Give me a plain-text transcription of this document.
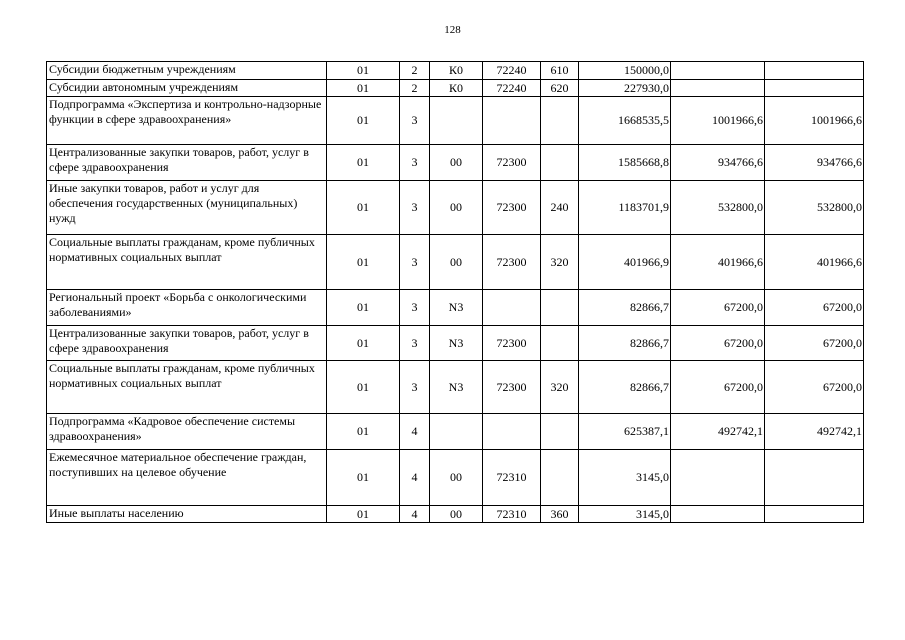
128
Субсидии бюджетным учреждениям	01	2	К0	72240	610	150000,0		
Субсидии автономным учреждениям	01	2	К0	72240	620	227930,0		
Подпрограмма «Экспертиза и контрольно-надзорные функции в сфере здравоохранения»	01	3				1668535,5	1001966,6	1001966,6
Централизованные закупки товаров, работ, услуг в сфере здравоохранения	01	3	00	72300		1585668,8	934766,6	934766,6
Иные закупки товаров, работ и услуг для обеспечения государственных (муниципальных) нужд	01	3	00	72300	240	1183701,9	532800,0	532800,0
Социальные выплаты гражданам, кроме публичных нормативных социальных выплат	01	3	00	72300	320	401966,9	401966,6	401966,6
Региональный проект «Борьба с онкологическими заболеваниями»	01	3	N3			82866,7	67200,0	67200,0
Централизованные закупки товаров, работ, услуг в сфере здравоохранения	01	3	N3	72300		82866,7	67200,0	67200,0
Социальные выплаты гражданам, кроме публичных нормативных социальных выплат	01	3	N3	72300	320	82866,7	67200,0	67200,0
Подпрограмма «Кадровое обеспечение системы здравоохранения»	01	4				625387,1	492742,1	492742,1
Ежемесячное материальное обеспечение граждан, поступивших на целевое обучение	01	4	00	72310		3145,0		
Иные выплаты населению	01	4	00	72310	360	3145,0		
